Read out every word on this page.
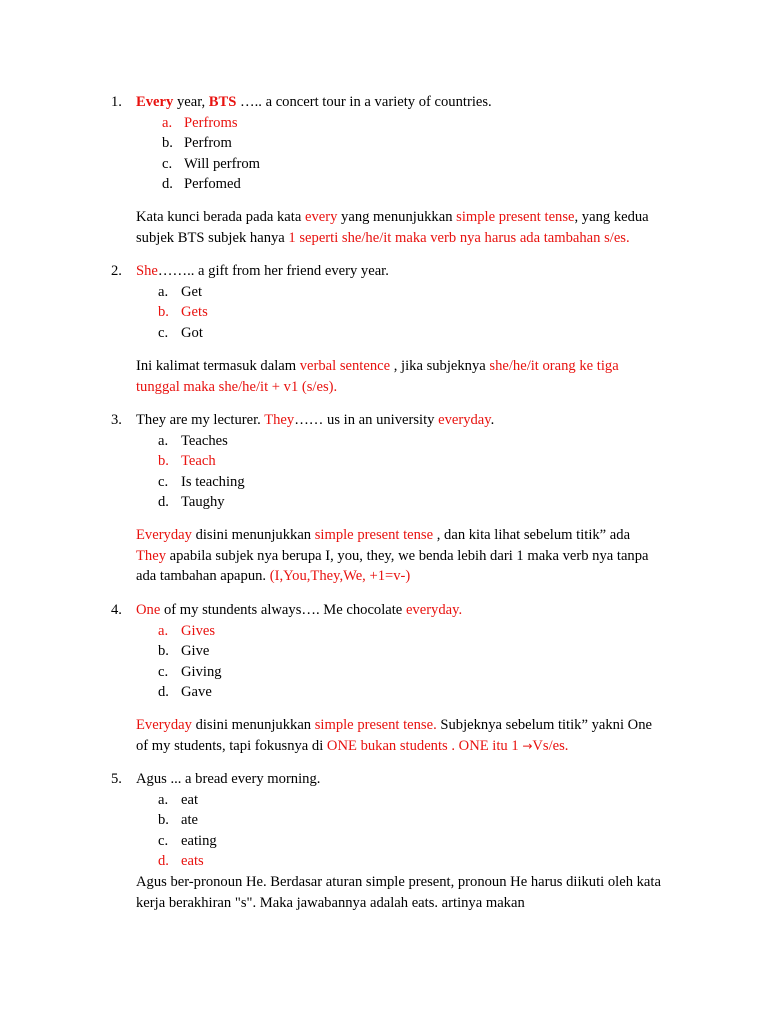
1. Every year, BTS ….. a concert tour in a variety of countries.
a. Perfroms
b. Perfrom
c. Will perfrom
d. Perfomed
Kata kunci berada pada kata every yang menunjukkan simple present tense, yang kedua
subjek BTS subjek hanya 1 seperti she/he/it maka verb nya harus ada tambahan s/es.
2. She…….. a gift from her friend every year.
a. Get
b. Gets
c. Got
Ini kalimat termasuk dalam verbal sentence , jika subjeknya she/he/it orang ke tiga
tunggal maka she/he/it + v1 (s/es).
3. They are my lecturer. They…… us in an university everyday.
a. Teaches
b. Teach
c. Is teaching
d. Taughy
Everyday disini menunjukkan simple present tense , dan kita lihat sebelum titik” ada
They apabila subjek nya berupa I, you, they, we benda lebih dari 1 maka verb nya tanpa
ada tambahan apapun. (I,You,They,We, +1=v-)
4. One of my stundents always…. Me chocolate everyday.
a. Gives
b. Give
c. Giving
d. Gave
Everyday disini menunjukkan simple present tense. Subjeknya sebelum titik” yakni One
of my students, tapi fokusnya di ONE bukan students . ONE itu 1 →Vs/es.
5. Agus ... a bread every morning.
a. eat
b. ate
c. eating
d. eats
Agus ber-pronoun He. Berdasar aturan simple present, pronoun He harus diikuti oleh kata
kerja berakhiran "s". Maka jawabannya adalah eats. artinya makan
